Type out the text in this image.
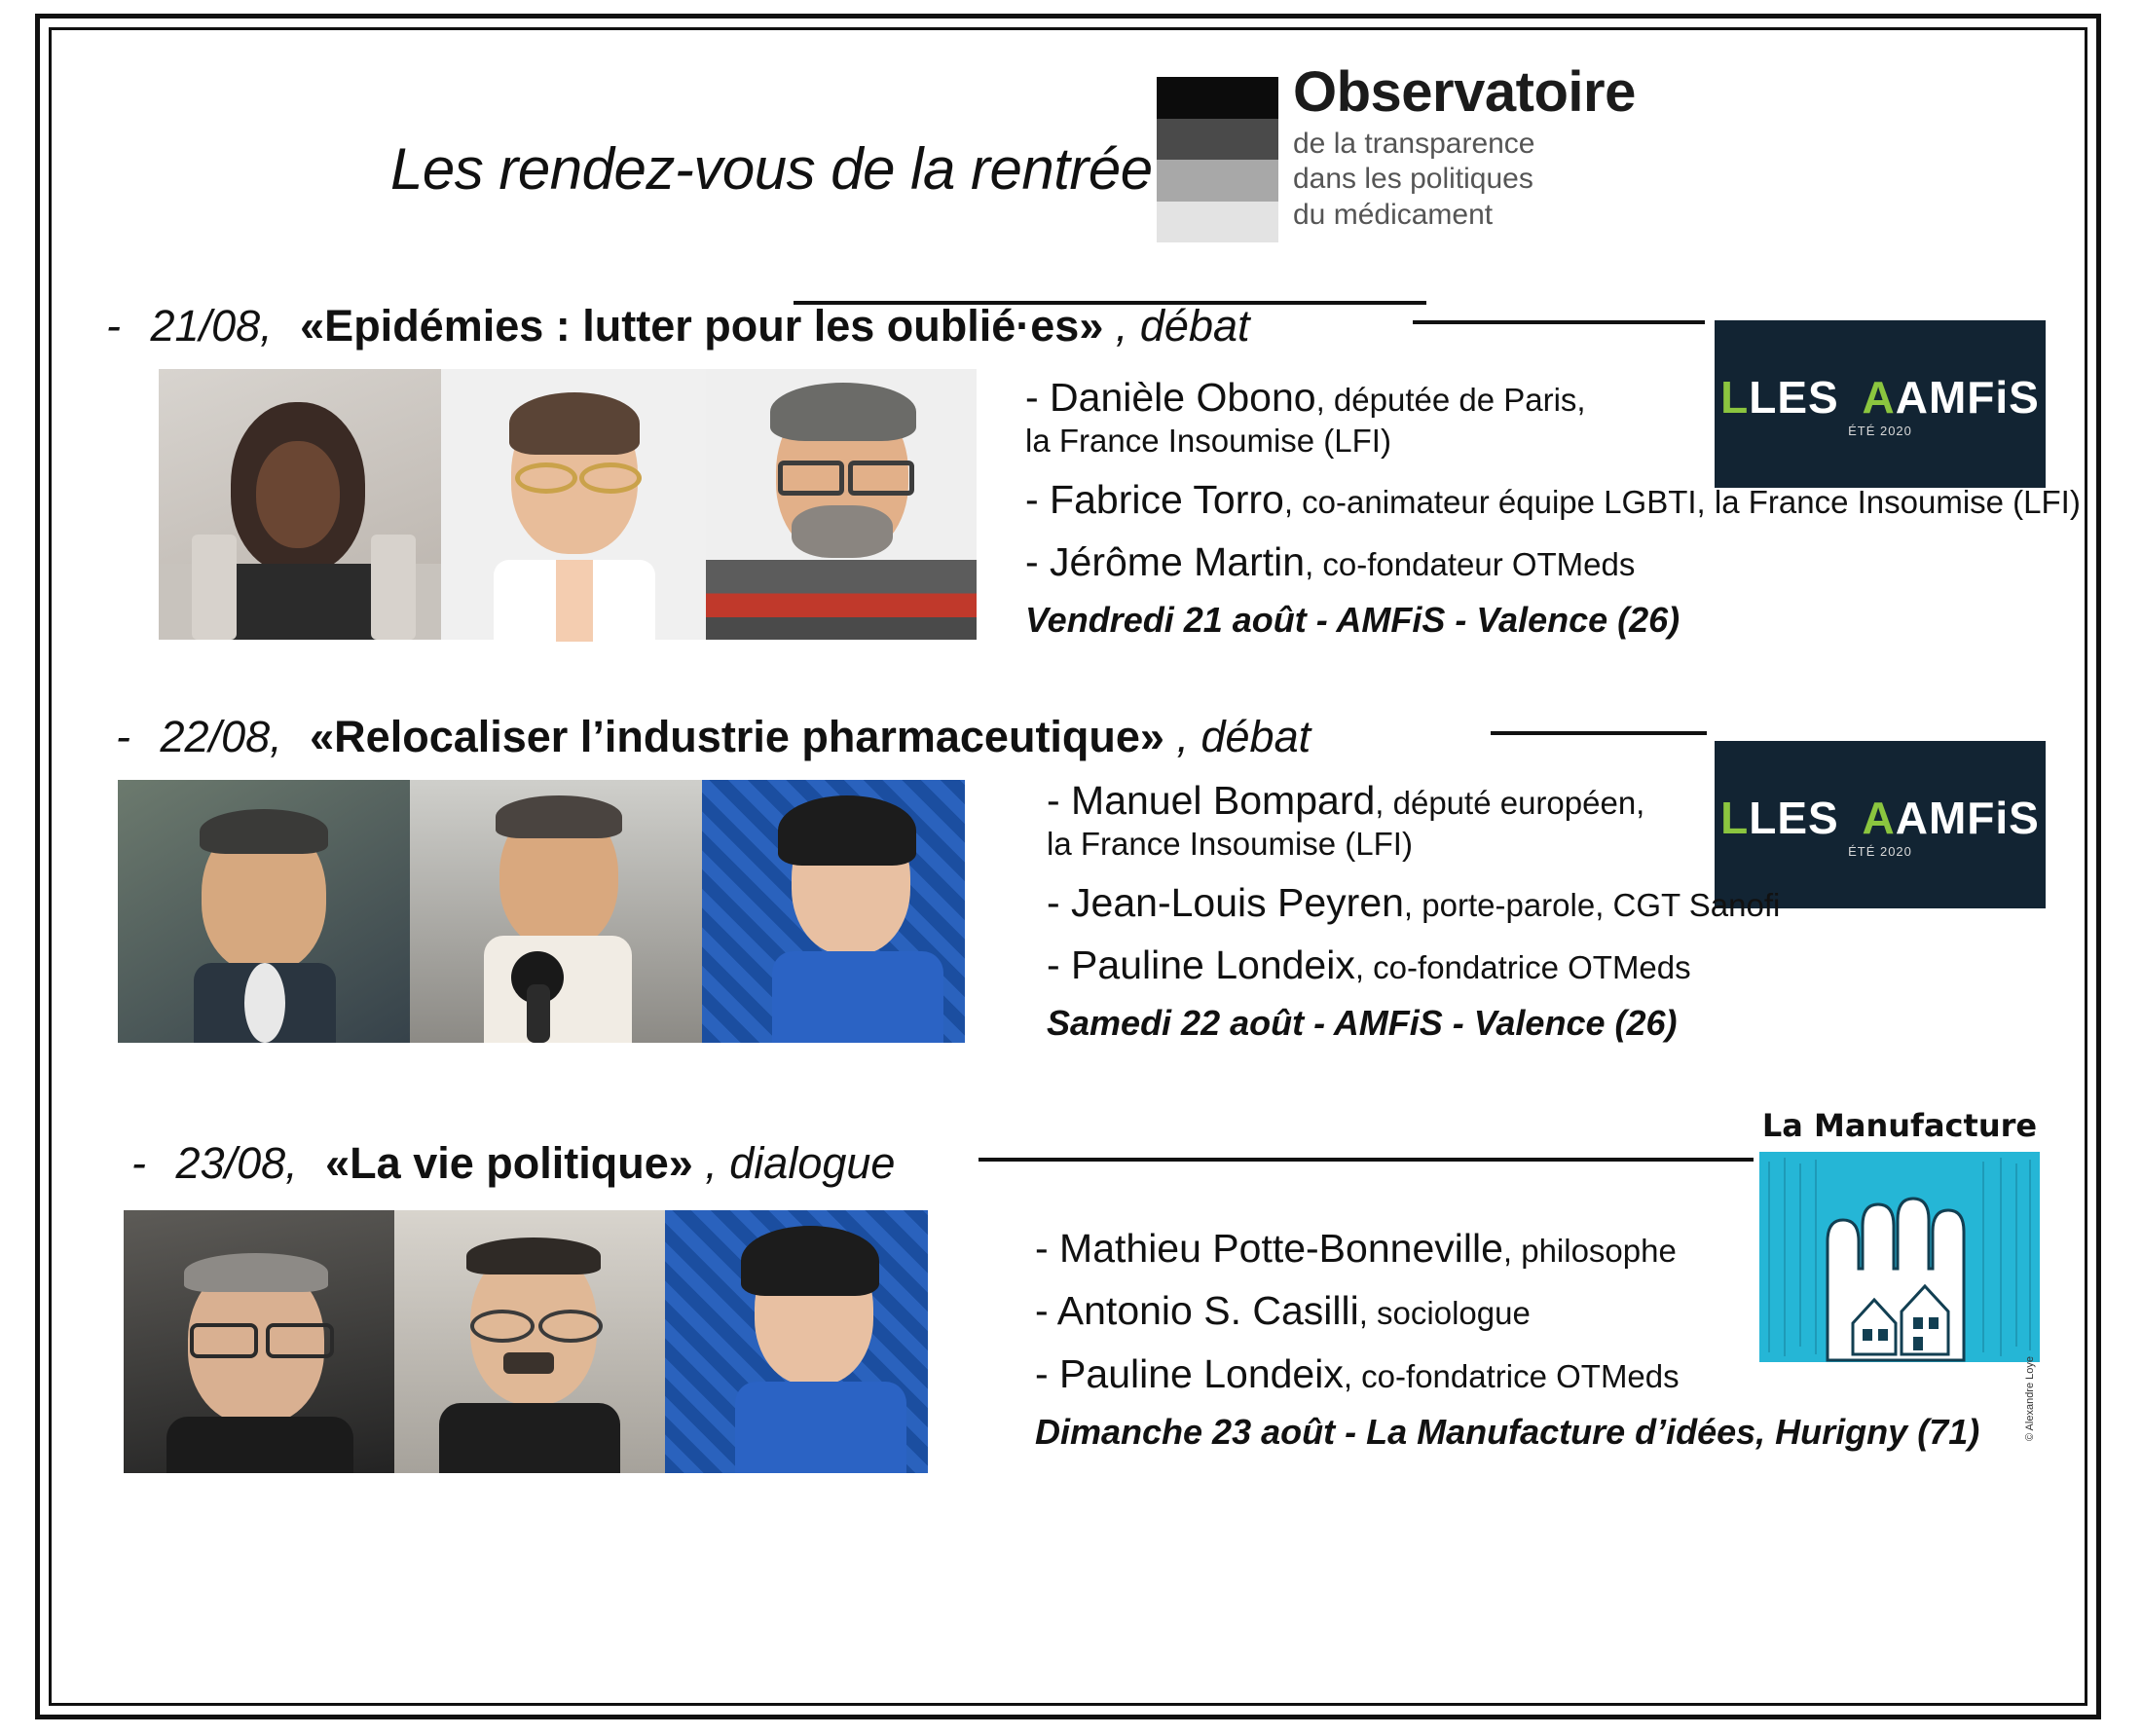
Les rendez-vous de la rentrée
Observatoire
de la transparence
dans les politiques
du médicament
- 21/08, «Epidémies : lutter pour les oublié·es» , débat
LLES AAMFiS
ÉTÉ 2020
- Danièle Obono, députée de Paris,
la France Insoumise (LFI)
- Fabrice Torro, co-animateur équipe LGBTI, la France Insoumise (LFI)
- Jérôme Martin, co-fondateur OTMeds
Vendredi 21 août - AMFiS - Valence (26)
- 22/08, «Relocaliser l’industrie pharmaceutique» , débat
LLES AAMFiS
ÉTÉ 2020
- Manuel Bompard, député européen,
la France Insoumise (LFI)
- Jean-Louis Peyren, porte-parole, CGT Sanofi
- Pauline Londeix, co-fondatrice OTMeds
Samedi 22 août - AMFiS - Valence (26)
- 23/08, «La vie politique» , dialogue
La Manufacture
© Alexandre Loye
- Mathieu Potte-Bonneville, philosophe
- Antonio S. Casilli, sociologue
- Pauline Londeix, co-fondatrice OTMeds
Dimanche 23 août - La Manufacture d’idées, Hurigny (71)
